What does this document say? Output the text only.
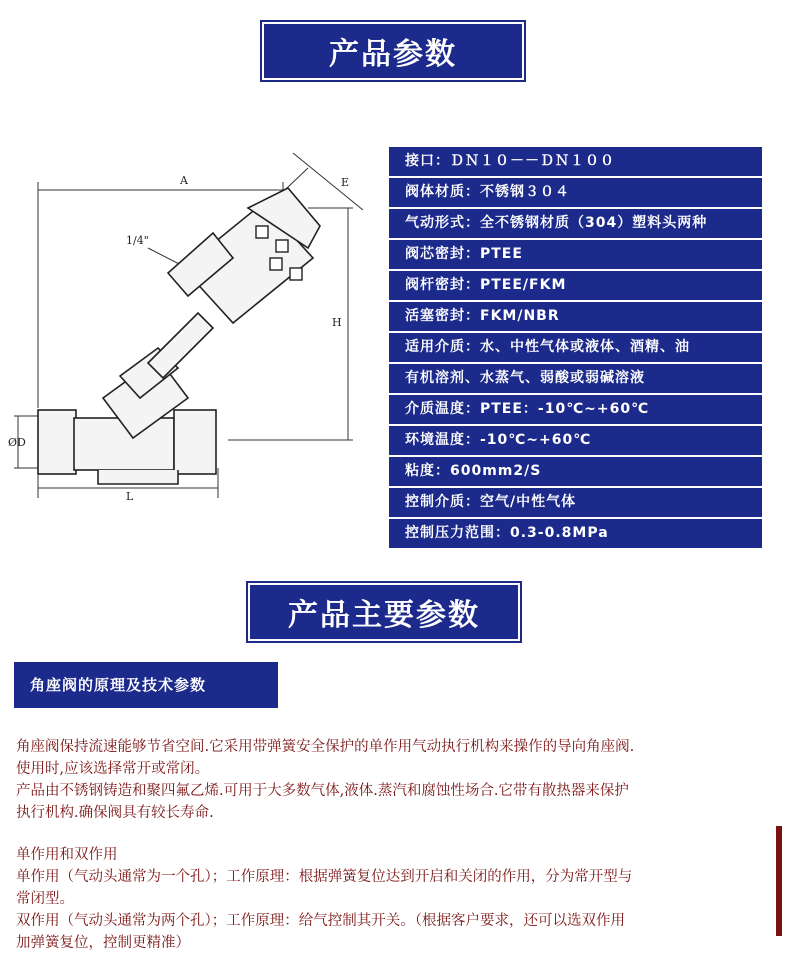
产品参数
A	E
H
L
ØD
1/4"
接口：ＤＮ１０－－ＤＮ１００
阀体材质：不锈钢３０４
气动形式：全不锈钢材质（304）塑料头两种
阀芯密封：PTEE
阀杆密封：PTEE/FKM
活塞密封：FKM/NBR
适用介质：水、中性气体或液体、酒精、油
有机溶剂、水蒸气、弱酸或弱碱溶液
介质温度：PTEE：-10℃~+60℃
环境温度：-10℃~+60℃
粘度：600mm2/S
控制介质：空气/中性气体
控制压力范围：0.3-0.8MPa
产品主要参数
角座阀的原理及技术参数

角座阀保持流速能够节省空间.它采用带弹簧安全保护的单作用气动执行机构来操作的导向角座阀.

使用时,应该选择常开或常闭。

产品由不锈钢铸造和聚四氟乙烯.可用于大多数气体,液体.蒸汽和腐蚀性场合.它带有散热器来保护

执行机构.确保阀具有较长寿命.

单作用和双作用

单作用（气动头通常为一个孔）；工作原理：根据弹簧复位达到开启和关闭的作用，分为常开型与

常闭型。

双作用（气动头通常为两个孔）；工作原理：给气控制其开关。（根据客户要求，还可以选双作用

加弹簧复位，控制更精准）
